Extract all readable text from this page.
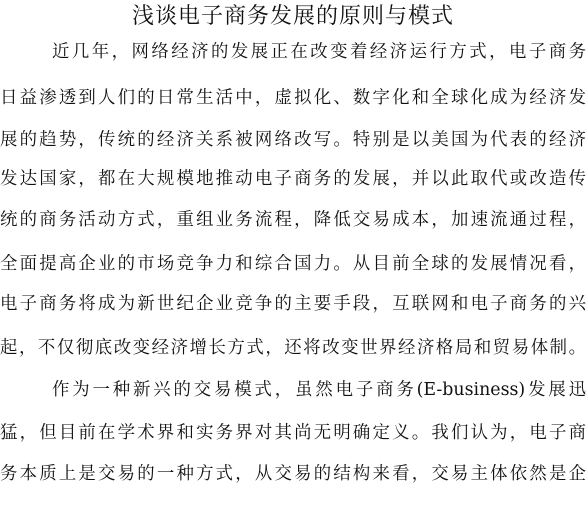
浅谈电子商务发展的原则与模式
近几年，网络经济的发展正在改变着经济运行方式，电子商务
日益渗透到人们的日常生活中，虚拟化、数字化和全球化成为经济发
展的趋势，传统的经济关系被网络改写。特别是以美国为代表的经济
发达国家，都在大规模地推动电子商务的发展，并以此取代或改造传
统的商务活动方式，重组业务流程，降低交易成本，加速流通过程，
全面提高企业的市场竞争力和综合国力。从目前全球的发展情况看，
电子商务将成为新世纪企业竞争的主要手段，互联网和电子商务的兴
起，不仅彻底改变经济增长方式，还将改变世界经济格局和贸易体制。
作为一种新兴的交易模式，虽然电子商务(E-business)发展迅
猛，但目前在学术界和实务界对其尚无明确定义。我们认为，电子商
务本质上是交易的一种方式，从交易的结构来看，交易主体依然是企
